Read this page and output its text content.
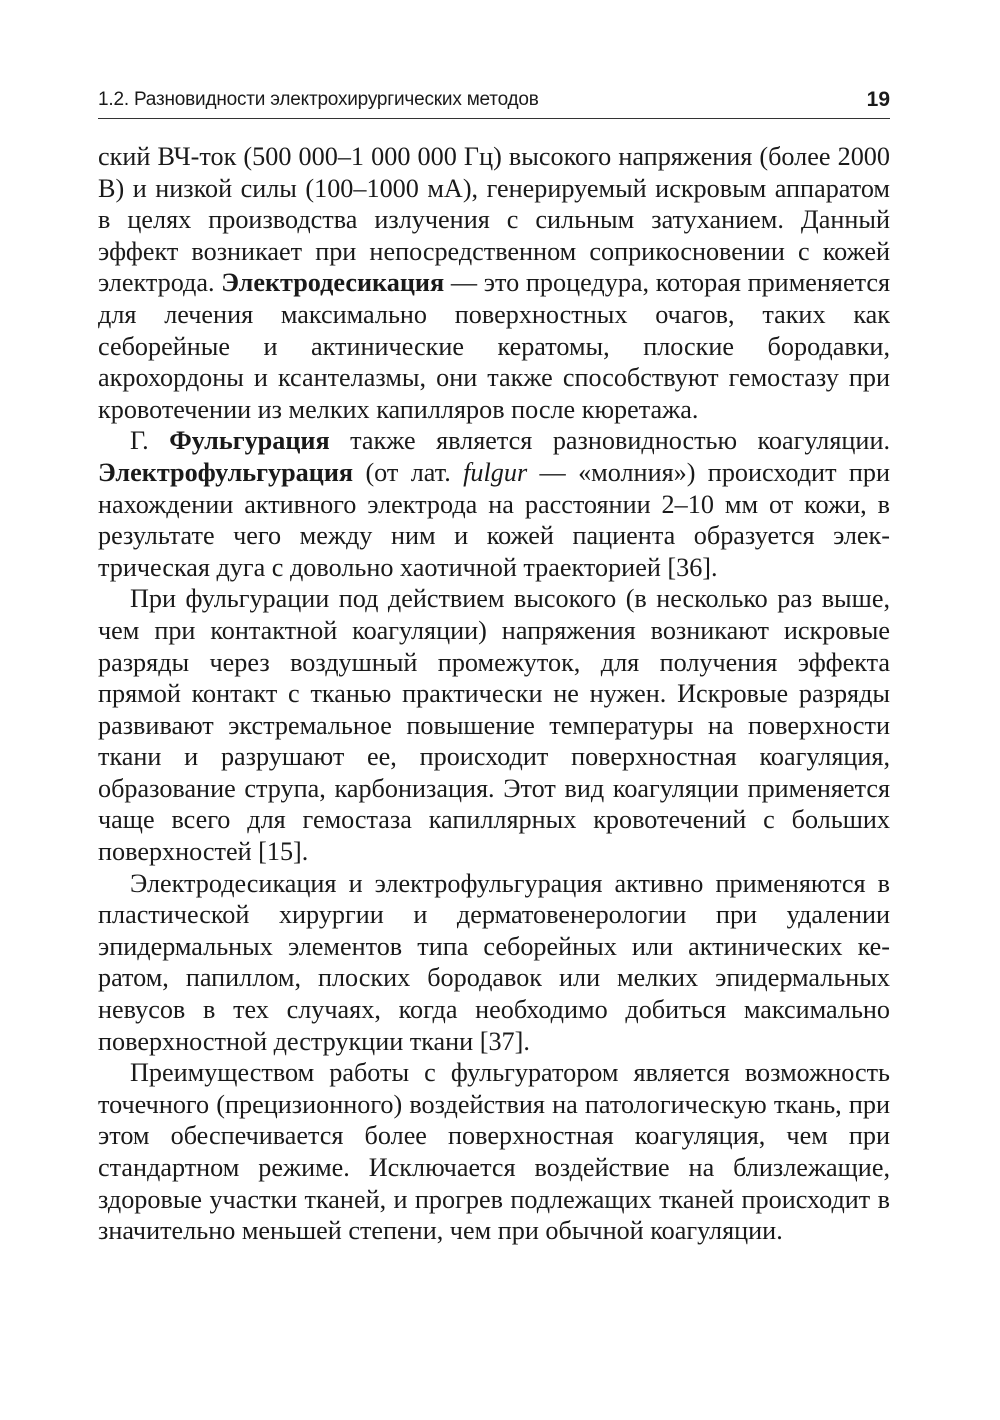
1.2. Разновидности электрохирургических методов	19

ский ВЧ-ток (500 000–1 000 000 Гц) высокого напряжения (более 2000 В) и низкой силы (100–1000 мА), генерируемый искровым аппаратом в целях производства излучения с сильным затуханием. Данный эффект возникает при непосредственном соприкосновении с кожей электрода. Электродесикация — это процедура, которая применяется для лечения максимально поверхностных очагов, таких как себорейные и актинические кератомы, плоские бородавки, акрохордоны и ксантелазмы, они также способствуют гемостазу при кровотечении из мелких капилляров после кюретажа.

Г. Фульгурация также является разновидностью коагуляции. Электрофульгурация (от лат. fulgur — «молния») происходит при нахождении активного электрода на расстоянии 2–10 мм от кожи, в результате чего между ним и кожей пациента образуется электрическая дуга с довольно хаотичной траекторией [36].

При фульгурации под действием высокого (в несколько раз выше, чем при контактной коагуляции) напряжения возникают искровые разряды через воздушный промежуток, для получения эффекта прямой контакт с тканью практически не нужен. Искровые разряды развивают экстремальное повышение температуры на поверхности ткани и разрушают ее, происходит поверхностная коагуляция, образование струпа, карбонизация. Этот вид коагуляции применяется чаще всего для гемостаза капиллярных кровотечений с больших поверхностей [15].

Электродесикация и электрофульгурация активно применяются в пластической хирургии и дерматовенерологии при удалении эпидермальных элементов типа себорейных или актинических кератом, папиллом, плоских бородавок или мелких эпидермальных невусов в тех случаях, когда необходимо добиться максимально поверхностной деструкции ткани [37].

Преимуществом работы с фульгуратором является возможность точечного (прецизионного) воздействия на патологическую ткань, при этом обеспечивается более поверхностная коагуляция, чем при стандартном режиме. Исключается воздействие на близлежащие, здоровые участки тканей, и прогрев подлежащих тканей происходит в значительно меньшей степени, чем при обычной коагуляции.
